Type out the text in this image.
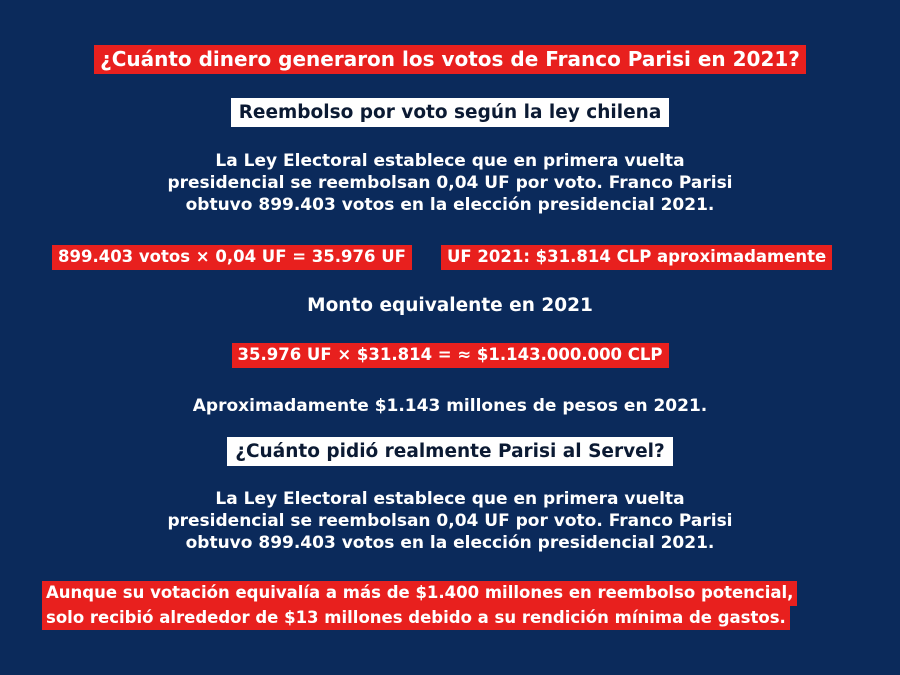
¿Cuánto dinero generaron los votos de Franco Parisi en 2021?
Reembolso por voto según la ley chilena
La Ley Electoral establece que en primera vuelta
presidencial se reembolsan 0,04 UF por voto. Franco Parisi
obtuvo 899.403 votos en la elección presidencial 2021.
899.403 votos × 0,04 UF = 35.976 UF	UF 2021: $31.814 CLP aproximadamente
Monto equivalente en 2021
35.976 UF × $31.814 = ≈ $1.143.000.000 CLP
Aproximadamente $1.143 millones de pesos en 2021.
¿Cuánto pidió realmente Parisi al Servel?
La Ley Electoral establece que en primera vuelta
presidencial se reembolsan 0,04 UF por voto. Franco Parisi
obtuvo 899.403 votos en la elección presidencial 2021.
Aunque su votación equivalía a más de $1.400 millones en reembolso potencial,
solo recibió alrededor de $13 millones debido a su rendición mínima de gastos.
